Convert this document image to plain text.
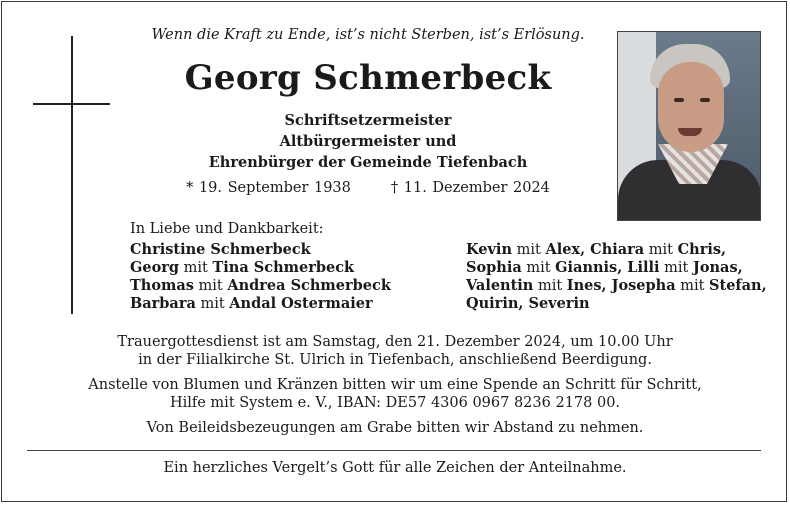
Wenn die Kraft zu Ende, ist’s nicht Sterben, ist’s Erlösung.
Georg Schmerbeck
Schriftsetzermeister
Altbürgermeister und
Ehrenbürger der Gemeinde Tiefenbach
* 19. September 1938	† 11. Dezember 2024
In Liebe und Dankbarkeit:
Christine Schmerbeck
Georg mit Tina Schmerbeck
Thomas mit Andrea Schmerbeck
Barbara mit Andal Ostermaier
Kevin mit Alex, Chiara mit Chris,
Sophia mit Giannis, Lilli mit Jonas,
Valentin mit Ines, Josepha mit Stefan,
Quirin, Severin
Trauergottesdienst ist am Samstag, den 21. Dezember 2024, um 10.00 Uhr
in der Filialkirche St. Ulrich in Tiefenbach, anschließend Beerdigung.
Anstelle von Blumen und Kränzen bitten wir um eine Spende an Schritt für Schritt,
Hilfe mit System e. V., IBAN: DE57 4306 0967 8236 2178 00.
Von Beileidsbezeugungen am Grabe bitten wir Abstand zu nehmen.
Ein herzliches Vergelt’s Gott für alle Zeichen der Anteilnahme.
